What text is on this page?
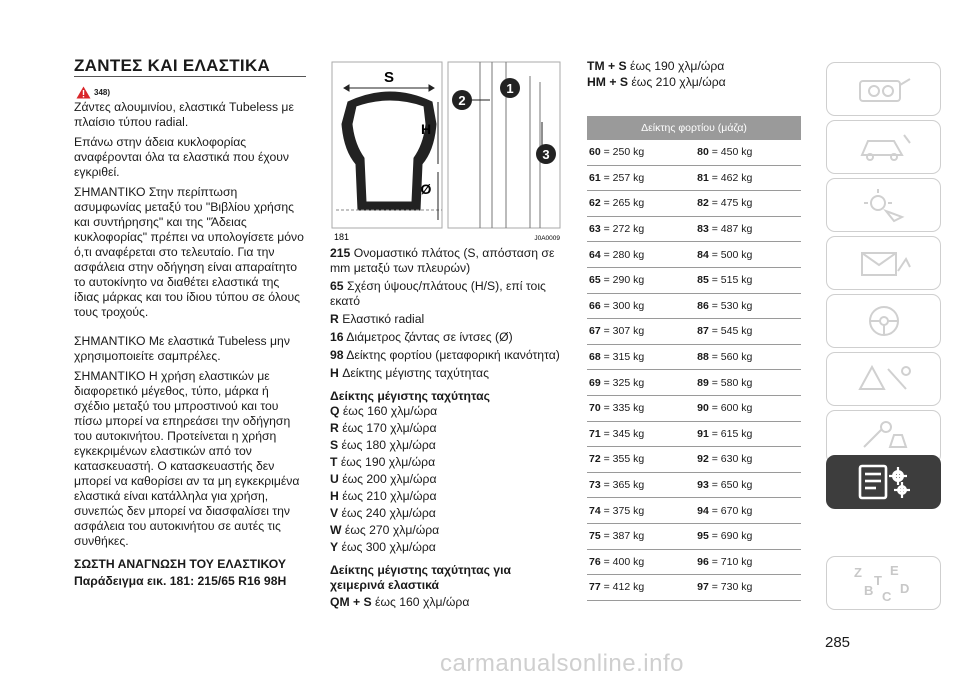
ΖΑΝΤΕΣ ΚΑΙ ΕΛΑΣΤΙΚΑ
348)

Ζάντες αλουμινίου, ελαστικά Tubeless με πλαίσιο τύπου radial.

Επάνω στην άδεια κυκλοφορίας αναφέρονται όλα τα ελαστικά που έχουν εγκριθεί.

ΣΗΜΑΝΤΙΚΟ Στην περίπτωση ασυμφωνίας μεταξύ του "Βιβλίου χρήσης και συντήρησης" και της "Άδειας κυκλοφορίας" πρέπει να υπολογίσετε μόνο ό,τι αναφέρεται στο τελευταίο. Για την ασφάλεια στην οδήγηση είναι απαραίτητο το αυτοκίνητο να διαθέτει ελαστικά της ίδιας μάρκας και του ίδιου τύπου σε όλους τους τροχούς.

ΣΗΜΑΝΤΙΚΟ Με ελαστικά Tubeless μην χρησιμοποιείτε σαμπρέλες.

ΣΗΜΑΝΤΙΚΟ Η χρήση ελαστικών με διαφορετικό μέγεθος, τύπο, μάρκα ή σχέδιο μεταξύ του μπροστινού και του πίσω μπορεί να επηρεάσει την οδήγηση του αυτοκινήτου. Προτείνεται η χρήση εγκεκριμένων ελαστικών από τον κατασκευαστή. Ο κατασκευαστής δεν μπορεί να καθορίσει αν τα μη εγκεκριμένα ελαστικά είναι κατάλληλα για χρήση, συνεπώς δεν μπορεί να διασφαλίσει την ασφάλεια του αυτοκινήτου σε αυτές τις συνθήκες.

ΣΩΣΤΗ ΑΝΑΓΝΩΣΗ ΤΟΥ ΕΛΑΣΤΙΚΟΥ

Παράδειγμα εικ. 181: 215/65 R16 98H

S
H
Ø
1
2
3
181	J0A0009

215 Ονομαστικό πλάτος (S, απόσταση σε mm μεταξύ των πλευρών)

65 Σχέση ύψους/πλάτους (H/S), επί τοις εκατό

R Ελαστικό radial

16 Διάμετρος ζάντας σε ίντσες (Ø)

98 Δείκτης φορτίου (μεταφορική ικανότητα)

H Δείκτης μέγιστης ταχύτητας

Δείκτης μέγιστης ταχύτητας

Q έως 160 χλμ/ώρα

R έως 170 χλμ/ώρα

S έως 180 χλμ/ώρα

T έως 190 χλμ/ώρα

U έως 200 χλμ/ώρα

H έως 210 χλμ/ώρα

V έως 240 χλμ/ώρα

W έως 270 χλμ/ώρα

Y έως 300 χλμ/ώρα

Δείκτης μέγιστης ταχύτητας για χειμερινά ελαστικά

QM + S έως 160 χλμ/ώρα

TM + S έως 190 χλμ/ώρα

HM + S έως 210 χλμ/ώρα

Δείκτης φορτίου (μάζα)	
60 = 250 kg	80 = 450 kg
61 = 257 kg	81 = 462 kg
62 = 265 kg	82 = 475 kg
63 = 272 kg	83 = 487 kg
64 = 280 kg	84 = 500 kg
65 = 290 kg	85 = 515 kg
66 = 300 kg	86 = 530 kg
67 = 307 kg	87 = 545 kg
68 = 315 kg	88 = 560 kg
69 = 325 kg	89 = 580 kg
70 = 335 kg	90 = 600 kg
71 = 345 kg	91 = 615 kg
72 = 355 kg	92 = 630 kg
73 = 365 kg	93 = 650 kg
74 = 375 kg	94 = 670 kg
75 = 387 kg	95 = 690 kg
76 = 400 kg	96 = 710 kg
77 = 412 kg	97 = 730 kg
285
Z E
B C
D
T
carmanualsonline.info
